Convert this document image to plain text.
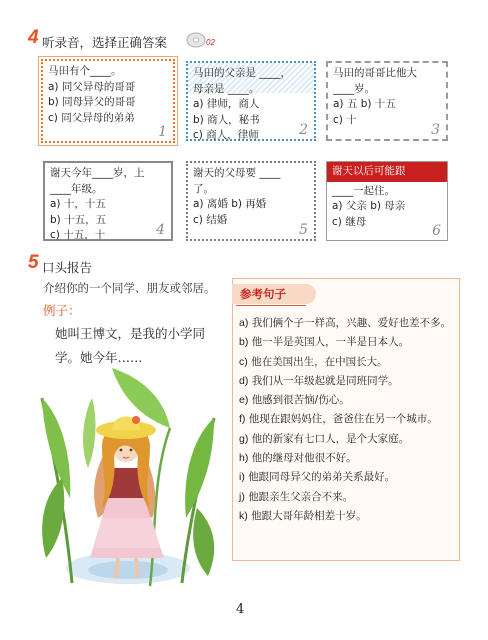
4 听录音，选择正确答案	02
马田有个____。
a) 同父异母的哥哥
b) 同母异父的哥哥
c) 同父异母的弟弟
1
马田的父亲是 ____，
母亲是 ____。
a) 律师，商人
b) 商人，秘书
c) 商人，律师	2
马田的哥哥比他大
____岁。
a) 五 b) 十五
c) 十
3
谢天今年____岁，上
____年级。
a) 十，十五
b) 十五，五
c) 十五，十	4
谢天的父母要 ____
了。
a) 离婚 b) 再婚
c) 结婚
5
谢天以后可能跟
____一起住。
a) 父亲 b) 母亲
c) 继母
6
5 口头报告
介绍你的一个同学、朋友或邻居。
例子：
她叫王博文，是我的小学同学。她今年……
参考句子
a) 我们俩个子一样高，兴趣、爱好也差不多。
b) 他一半是英国人，一半是日本人。
c) 他在美国出生，在中国长大。
d) 我们从一年级起就是同班同学。
e) 他感到很苦恼/伤心。
f) 他现在跟妈妈住，爸爸住在另一个城市。
g) 他的新家有七口人，是个大家庭。
h) 他的继母对他很不好。
i) 他跟同母异父的弟弟关系最好。
j) 他跟亲生父亲合不来。
k) 他跟大哥年龄相差十岁。
4
